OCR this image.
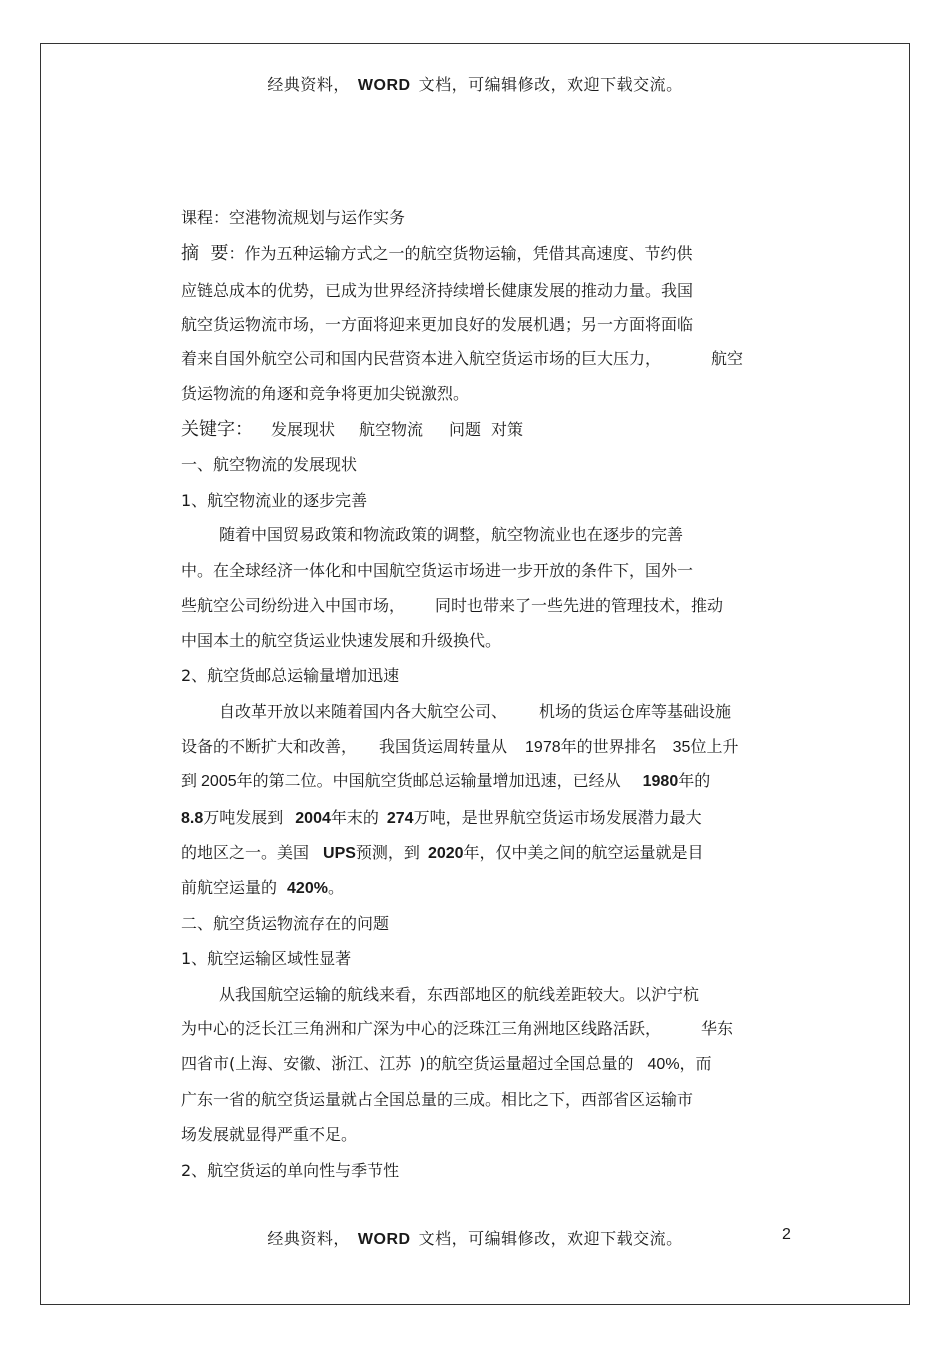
经典资料， WORD 文档，可编辑修改，欢迎下载交流。
课程：空港物流规划与运作实务
摘  要：作为五种运输方式之一的航空货物运输，凭借其高速度、节约供
应链总成本的优势，已成为世界经济持续增长健康发展的推动力量。我国
航空货运物流市场，一方面将迎来更加良好的发展机遇；另一方面将面临
着来自国外航空公司和国内民营资本进入航空货运市场的巨大压力，	航空
货运物流的角逐和竞争将更加尖锐激烈。
关键字： 发展现状 航空物流 问题 对策
一、航空物流的发展现状
1、航空物流业的逐步完善
随着中国贸易政策和物流政策的调整，航空物流业也在逐步的完善
中。在全球经济一体化和中国航空货运市场进一步开放的条件下，国外一
些航空公司纷纷进入中国市场， 同时也带来了一些先进的管理技术，推动
中国本土的航空货运业快速发展和升级换代。
2、航空货邮总运输量增加迅速
自改革开放以来随着国内各大航空公司、 机场的货运仓库等基础设施
设备的不断扩大和改善， 我国货运周转量从 1978年的世界排名 35位上升
到 2005年的第二位。中国航空货邮总运输量增加迅速，已经从 1980年的
8.8万吨发展到 2004年末的 274万吨，是世界航空货运市场发展潜力最大
的地区之一。美国 UPS预测，到 2020年，仅中美之间的航空运量就是目
前航空运量的 420%。
二、航空货运物流存在的问题
1、航空运输区域性显著
从我国航空运输的航线来看，东西部地区的航线差距较大。以沪宁杭
为中心的泛长江三角洲和广深为中心的泛珠江三角洲地区线路活跃，	华东
四省市(上海、安徽、浙江、江苏 )的航空货运量超过全国总量的 40%，而
广东一省的航空货运量就占全国总量的三成。相比之下，西部省区运输市
场发展就显得严重不足。
2、航空货运的单向性与季节性
经典资料， WORD 文档，可编辑修改，欢迎下载交流。	2
